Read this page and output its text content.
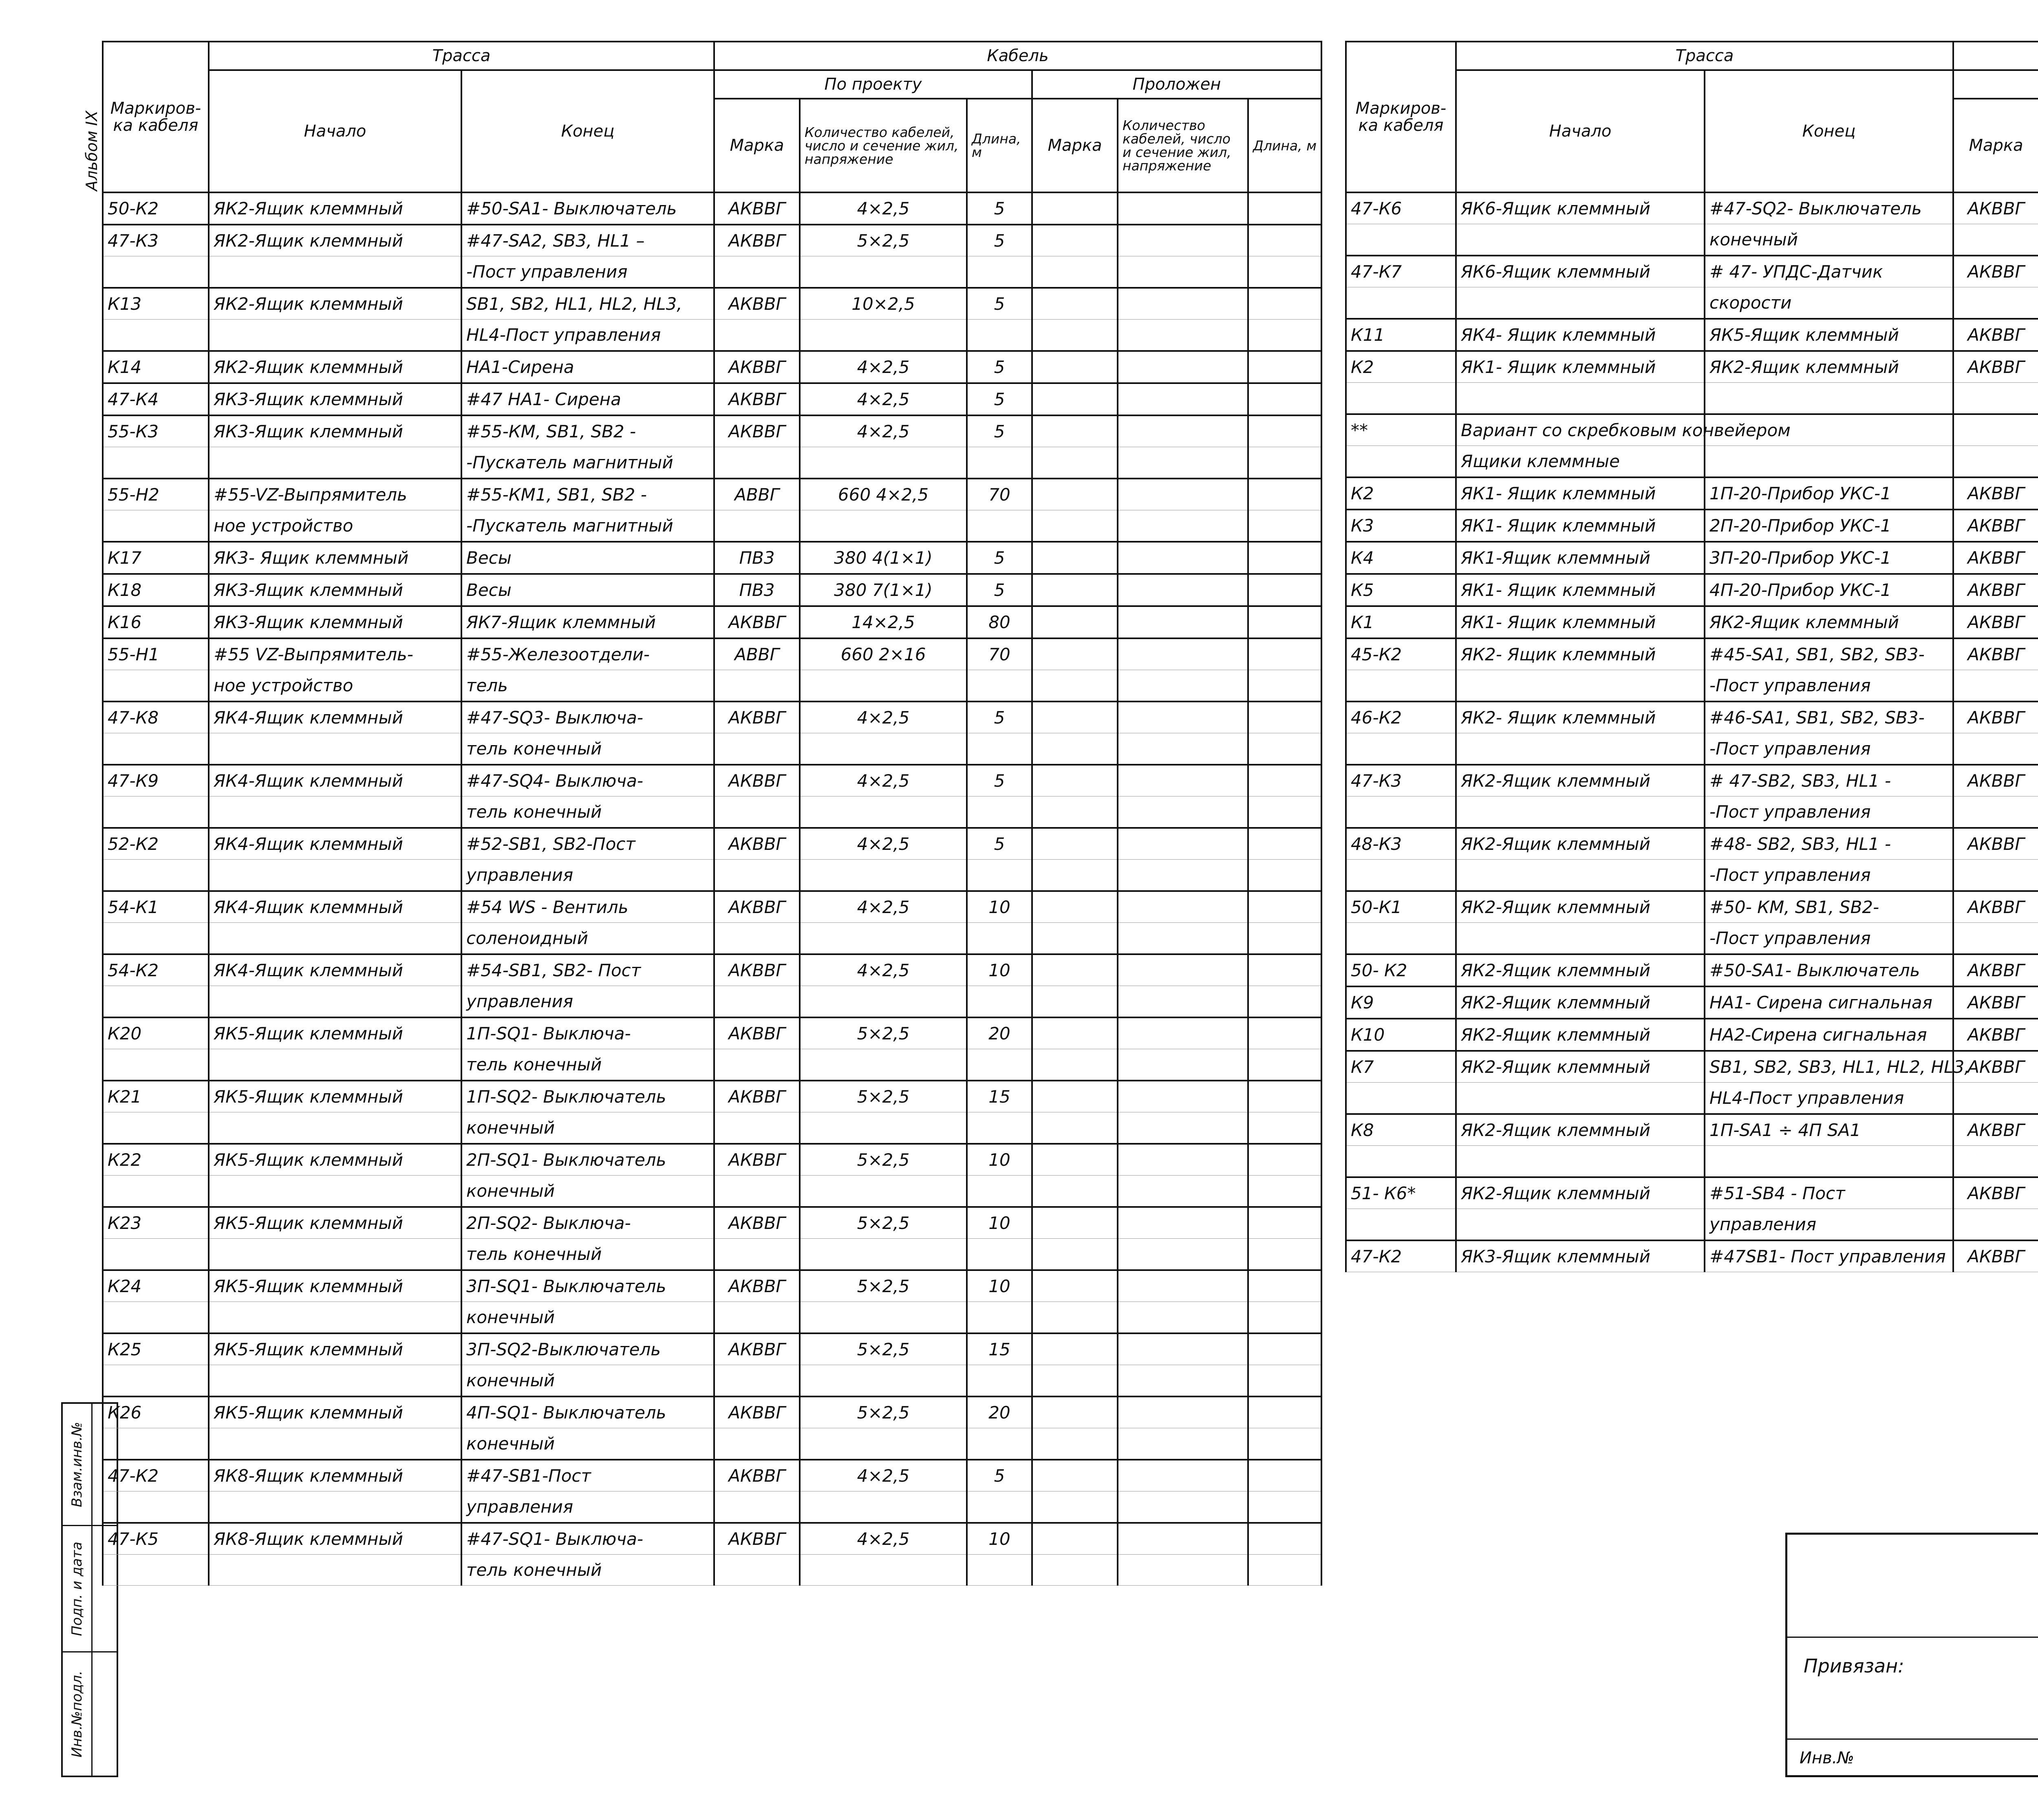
Альбом IX
Взам.инв.№
Подп. и дата
Инв.№подл.
Маркиров-ка кабеля	Трасса		Кабель					
	Начало	Конец	По проекту			Проложен		
			Марка	Количество кабелей, число и сечение жил, напряжение	Длина, м	Марка	Количество кабелей, число и сечение жил, напряжение	Длина, м
50-К2	ЯК2-Ящик клеммный	#50-SA1- Выключатель	АКВВГ	4×2,5	5			
47-К3	ЯК2-Ящик клеммный	#47-SA2, SB3, HL1 –	АКВВГ	5×2,5	5			
		-Пост управления						
К13	ЯК2-Ящик клеммный	SB1, SB2, HL1, HL2, HL3,	АКВВГ	10×2,5	5			
		HL4-Пост управления						
К14	ЯК2-Ящик клеммный	HA1-Сирена	АКВВГ	4×2,5	5			
47-К4	ЯК3-Ящик клеммный	#47 HA1- Сирена	АКВВГ	4×2,5	5			
55-К3	ЯК3-Ящик клеммный	#55-КМ, SB1, SB2 -	АКВВГ	4×2,5	5			
		-Пускатель магнитный						
55-Н2	#55-VZ-Выпрямитель	#55-КМ1, SB1, SB2 -	АВВГ	660 4×2,5	70			
	ное устройство	-Пускатель магнитный						
К17	ЯК3- Ящик клеммный	Весы	ПВ3	380 4(1×1)	5			
К18	ЯК3-Ящик клеммный	Весы	ПВ3	380 7(1×1)	5			
К16	ЯК3-Ящик клеммный	ЯК7-Ящик клеммный	АКВВГ	14×2,5	80			
55-Н1	#55 VZ-Выпрямитель-	#55-Железоотдели-	АВВГ	660 2×16	70			
	ное устройство	тель						
47-К8	ЯК4-Ящик клеммный	#47-SQ3- Выключа-	АКВВГ	4×2,5	5			
		тель конечный						
47-К9	ЯК4-Ящик клеммный	#47-SQ4- Выключа-	АКВВГ	4×2,5	5			
		тель конечный						
52-К2	ЯК4-Ящик клеммный	#52-SB1, SB2-Пост	АКВВГ	4×2,5	5			
		управления						
54-К1	ЯК4-Ящик клеммный	#54 WS - Вентиль	АКВВГ	4×2,5	10			
		соленоидный						
54-К2	ЯК4-Ящик клеммный	#54-SB1, SB2- Пост	АКВВГ	4×2,5	10			
		управления						
К20	ЯК5-Ящик клеммный	1П-SQ1- Выключа-	АКВВГ	5×2,5	20			
		тель конечный						
К21	ЯК5-Ящик клеммный	1П-SQ2- Выключатель	АКВВГ	5×2,5	15			
		конечный						
К22	ЯК5-Ящик клеммный	2П-SQ1- Выключатель	АКВВГ	5×2,5	10			
		конечный						
К23	ЯК5-Ящик клеммный	2П-SQ2- Выключа-	АКВВГ	5×2,5	10			
		тель конечный						
К24	ЯК5-Ящик клеммный	3П-SQ1- Выключатель	АКВВГ	5×2,5	10			
		конечный						
К25	ЯК5-Ящик клеммный	3П-SQ2-Выключатель	АКВВГ	5×2,5	15			
		конечный						
К26	ЯК5-Ящик клеммный	4П-SQ1- Выключатель	АКВВГ	5×2,5	20			
		конечный						
47-К2	ЯК8-Ящик клеммный	#47-SB1-Пост	АКВВГ	4×2,5	5			
		управления						
47-К5	ЯК8-Ящик клеммный	#47-SQ1- Выключа-	АКВВГ	4×2,5	10			
		тель конечный						
Маркиров-ка кабеля	Трасса	
	Начало	Конец		
			Марка					
47-К6	ЯК6-Ящик клеммный	#47-SQ2- Выключатель	АКВВГ					
		конечный						
47-К7	ЯК6-Ящик клеммный	# 47- УПДС-Датчик	АКВВГ					
		скорости						
К11	ЯК4- Ящик клеммный	ЯК5-Ящик клеммный	АКВВГ					
К2	ЯК1- Ящик клеммный	ЯК2-Ящик клеммный	АКВВГ					

**	Вариант со скребковым конвейером							
	Ящики клеммные							
К2	ЯК1- Ящик клеммный	1П-20-Прибор УКС-1	АКВВГ					
К3	ЯК1- Ящик клеммный	2П-20-Прибор УКС-1	АКВВГ					
К4	ЯК1-Ящик клеммный	3П-20-Прибор УКС-1	АКВВГ					
К5	ЯК1- Ящик клеммный	4П-20-Прибор УКС-1	АКВВГ					
К1	ЯК1- Ящик клеммный	ЯК2-Ящик клеммный	АКВВГ					
45-К2	ЯК2- Ящик клеммный	#45-SA1, SB1, SB2, SB3-	АКВВГ					
		-Пост управления						
46-К2	ЯК2- Ящик клеммный	#46-SA1, SB1, SB2, SB3-	АКВВГ					
		-Пост управления						
47-К3	ЯК2-Ящик клеммный	# 47-SB2, SB3, HL1 -	АКВВГ					
		-Пост управления						
48-К3	ЯК2-Ящик клеммный	#48- SB2, SB3, HL1 -	АКВВГ					
		-Пост управления						
50-К1	ЯК2-Ящик клеммный	#50- КМ, SB1, SB2-	АКВВГ					
		-Пост управления						
50- К2	ЯК2-Ящик клеммный	#50-SA1- Выключатель	АКВВГ					
К9	ЯК2-Ящик клеммный	HA1- Сирена сигнальная	АКВВГ					
К10	ЯК2-Ящик клеммный	HA2-Сирена сигнальная	АКВВГ					
К7	ЯК2-Ящик клеммный	SB1, SB2, SB3, HL1, HL2, HL3,	АКВВГ					
		HL4-Пост управления						
К8	ЯК2-Ящик клеммный	1П-SA1 ÷ 4П SA1	АКВВГ					

51- К6*	ЯК2-Ящик клеммный	#51-SB4 - Пост	АКВВГ					
		управления						
47-К2	ЯК3-Ящик клеммный	#47SB1- Пост управления	АКВВГ					
Привязан:
Инв.№
